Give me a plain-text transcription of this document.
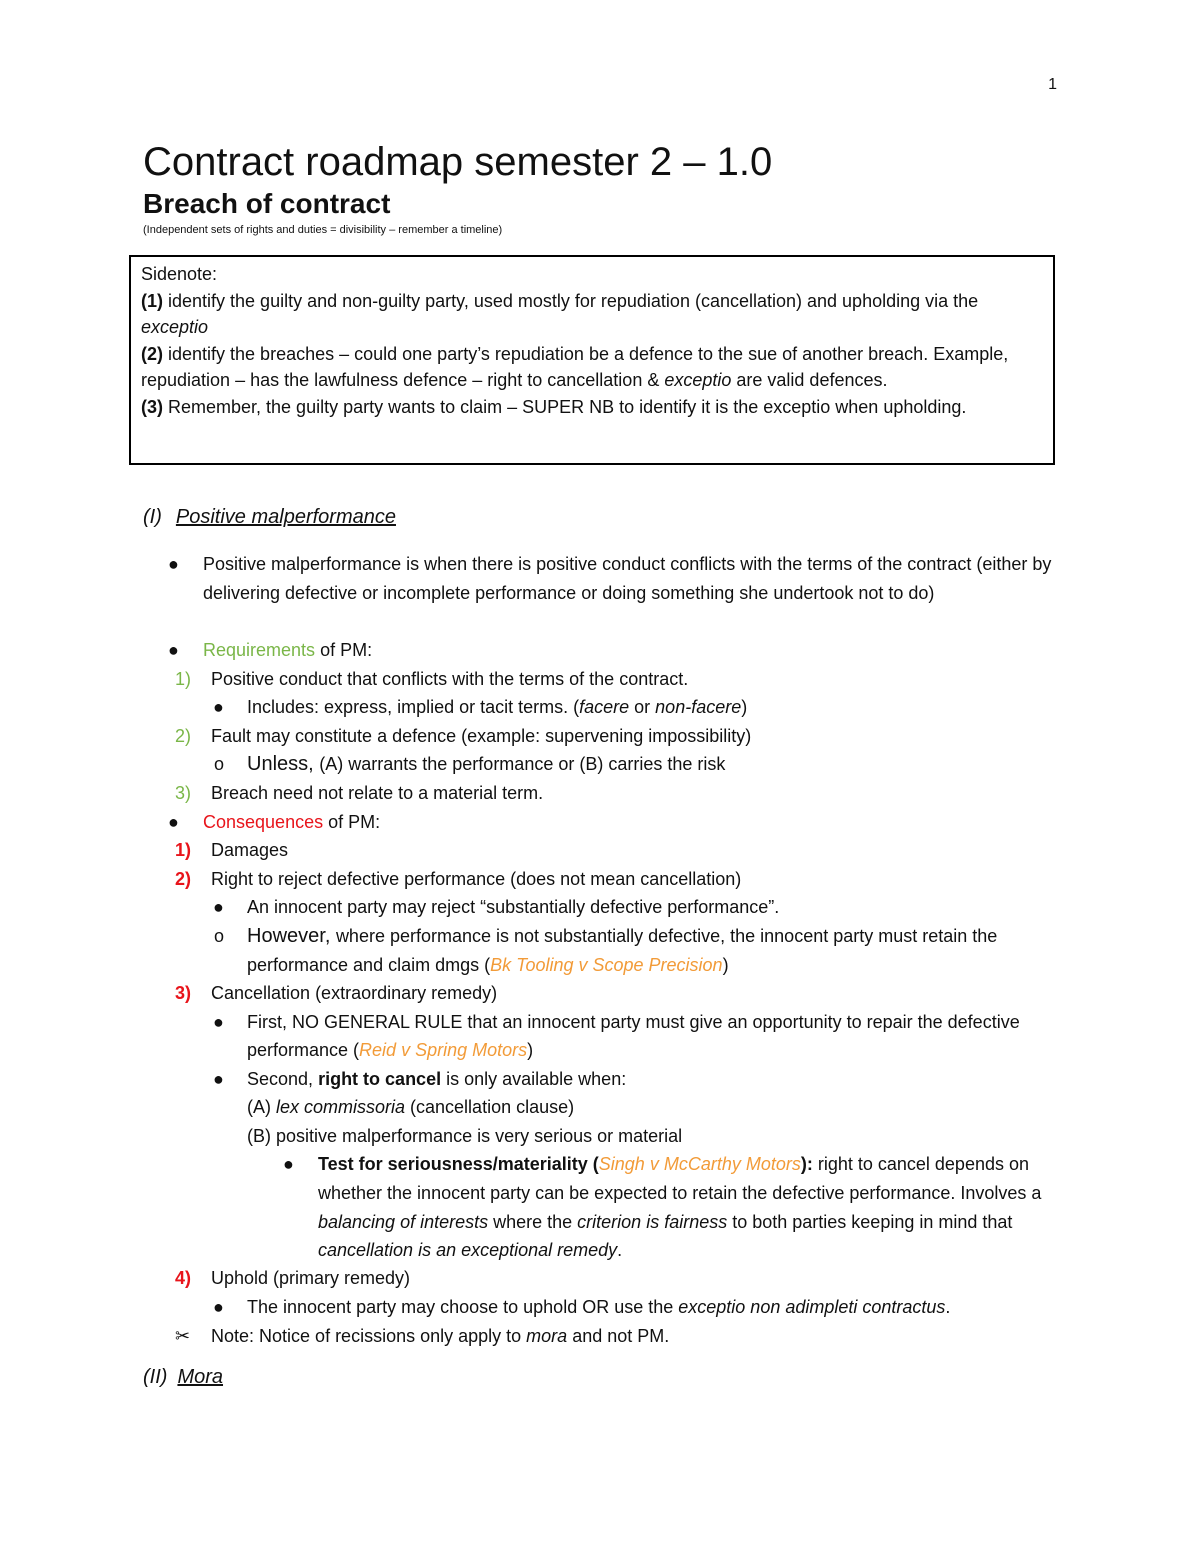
1
Contract roadmap semester 2 – 1.0
Breach of contract
(Independent sets of rights and duties = divisibility – remember a timeline)

Sidenote:

(1) identify the guilty and non-guilty party, used mostly for repudiation (cancellation) and upholding via the exceptio

(2) identify the breaches – could one party’s repudiation be a defence to the sue of another breach. Example, repudiation – has the lawfulness defence – right to cancellation & exceptio are valid defences.

(3) Remember, the guilty party wants to claim – SUPER NB to identify it is the exceptio when upholding.

(I) Positive malperformance
● Positive malperformance is when there is positive conduct conflicts with the terms of the contract (either by delivering defective or incomplete performance or doing something she undertook not to do)
● Requirements of PM:
1) Positive conduct that conflicts with the terms of the contract.
● Includes: express, implied or tacit terms. (facere or non-facere)
2) Fault may constitute a defence (example: supervening impossibility)
o Unless, (A) warrants the performance or (B) carries the risk
3) Breach need not relate to a material term.
● Consequences of PM:
1) Damages
2) Right to reject defective performance (does not mean cancellation)
● An innocent party may reject “substantially defective performance”.
o However, where performance is not substantially defective, the innocent party must retain the performance and claim dmgs (Bk Tooling v Scope Precision)
3) Cancellation (extraordinary remedy)
● First, NO GENERAL RULE that an innocent party must give an opportunity to repair the defective performance (Reid v Spring Motors)
● Second, right to cancel is only available when:
(A) lex commissoria (cancellation clause)
(B) positive malperformance is very serious or material
● Test for seriousness/materiality (Singh v McCarthy Motors): right to cancel depends on whether the innocent party can be expected to retain the defective performance. Involves a balancing of interests where the criterion is fairness to both parties keeping in mind that cancellation is an exceptional remedy.
4) Uphold (primary remedy)
● The innocent party may choose to uphold OR use the exceptio non adimpleti contractus.
✂ Note: Notice of recissions only apply to mora and not PM.
(II) Mora
